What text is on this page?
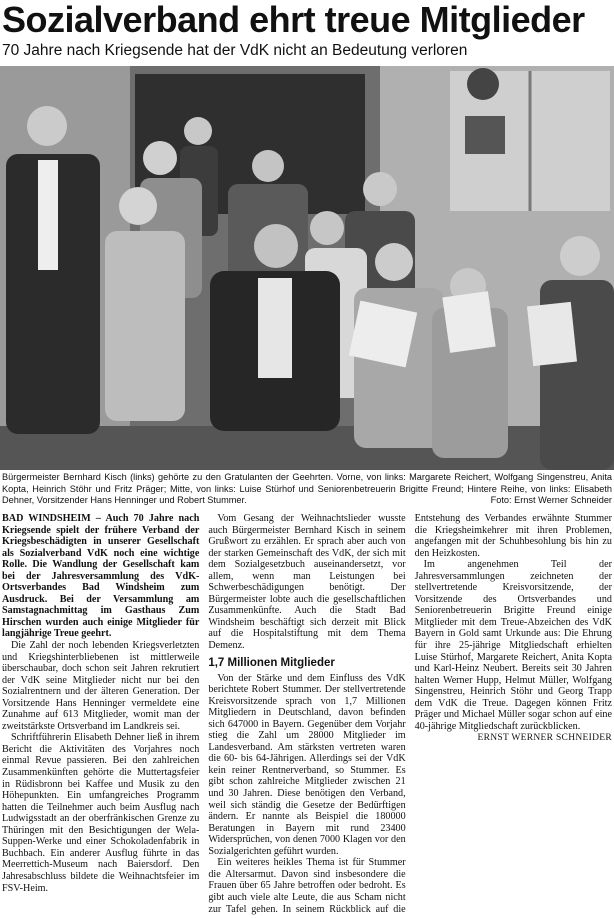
Sozialverband ehrt treue Mitglieder
70 Jahre nach Kriegsende hat der VdK nicht an Bedeutung verloren
Bürgermeister Bernhard Kisch (links) gehörte zu den Gratulanten der Geehrten. Vorne, von links: Margarete Reichert, Wolfgang Singenstreu, Anita Kopta, Heinrich Stöhr und Fritz Präger; Mitte, von links: Luise Stürhof und Seniorenbetreuerin Brigitte Freund; Hintere Reihe, von links: Elisabeth Dehner, Vorsitzender Hans Henninger und Robert Stummer.	Foto: Ernst Werner Schneider

BAD WINDSHEIM – Auch 70 Jahre nach Kriegsende spielt der frühere Verband der Kriegsbeschädigten in unserer Gesellschaft als Sozialverband VdK noch eine wichtige Rolle. Die Wandlung der Gesellschaft kam bei der Jahresversammlung des VdK-Ortsverbandes Bad Windsheim zum Ausdruck. Bei der Versammlung am Samstagnachmittag im Gasthaus Zum Hirschen wurden auch einige Mitglieder für langjährige Treue geehrt.

Die Zahl der noch lebenden Kriegsverletzten und Kriegshinterbliebenen ist mittlerweile überschaubar, doch schon seit Jahren rekrutiert der VdK seine Mitglieder nicht nur bei den Sozialrentnern und der älteren Generation. Der Vorsitzende Hans Henninger vermeldete eine Zunahme auf 613 Mitglieder, womit man der zweitstärkste Ortsverband im Landkreis sei.

Schriftführerin Elisabeth Dehner ließ in ihrem Bericht die Aktivitäten des Vorjahres noch einmal Revue passieren. Bei den zahlreichen Zusammenkünften gehörte die Muttertagsfeier in Rüdisbronn bei Kaffee und Musik zu den Höhepunkten. Ein umfangreiches Programm hatten die Teilnehmer auch beim Ausflug nach Ludwigsstadt an der oberfränkischen Grenze zu Thüringen mit den Besichtigungen der Wela-Suppen-Werke und einer Schokoladenfabrik in Buchbach. Ein anderer Ausflug führte in das Meerrettich-Museum nach Baiersdorf. Den Jahresabschluss bildete die Weihnachtsfeier im FSV-Heim.

Vom Gesang der Weihnachtslieder wusste auch Bürgermeister Bernhard Kisch in seinem Grußwort zu erzählen. Er sprach aber auch von der starken Gemeinschaft des VdK, der sich mit dem Sozialgesetzbuch auseinandersetzt, vor allem, wenn man Leistungen bei Schwerbeschädigungen benötigt. Der Bürgermeister lobte auch die gesellschaftlichen Zusammenkünfte. Auch die Stadt Bad Windsheim beschäftigt sich derzeit mit Blick auf die Hospitalstiftung mit dem Thema Demenz.

1,7 Millionen Mitglieder

Von der Stärke und dem Einfluss des VdK berichtete Robert Stummer. Der stellvertretende Kreisvorsitzende sprach von 1,7 Millionen Mitgliedern in Deutschland, davon befinden sich 647000 in Bayern. Gegenüber dem Vorjahr stieg die Zahl um 28000 Mitglieder im Landesverband. Am stärksten vertreten waren die 60- bis 64-Jährigen. Allerdings sei der VdK kein reiner Rentnerverband, so Stummer. Es gibt schon zahlreiche Mitglieder zwischen 21 und 30 Jahren. Diese benötigen den Verband, weil sich ständig die Gesetze der Bedürftigen ändern. Er nannte als Beispiel die 180000 Beratungen in Bayern mit rund 23400 Widersprüchen, von denen 7000 Klagen vor den Sozialgerichten geführt wurden.

Ein weiteres heikles Thema ist für Stummer die Altersarmut. Davon sind insbesondere die Frauen über 65 Jahre betroffen oder bedroht. Es gibt auch viele alte Leute, die aus Scham nicht zur Tafel gehen. In seinem Rückblick auf die Entstehung des Verbandes erwähnte Stummer die Kriegsheimkehrer mit ihren Problemen, angefangen mit der Schuhbesohlung bis hin zu den Heizkosten.

Im angenehmen Teil der Jahresversammlungen zeichneten der stellvertretende Kreisvorsitzende, der Vorsitzende des Ortsverbandes und Seniorenbetreuerin Brigitte Freund einige Mitglieder mit dem Treue-Abzeichen des VdK Bayern in Gold samt Urkunde aus: Die Ehrung für ihre 25-jährige Mitgliedschaft erhielten Luise Stürhof, Margarete Reichert, Anita Kopta und Karl-Heinz Neubert. Bereits seit 30 Jahren halten Werner Hupp, Helmut Müller, Wolfgang Singenstreu, Heinrich Stöhr und Georg Trapp dem VdK die Treue. Dagegen können Fritz Präger und Michael Müller sogar schon auf eine 40-jährige Mitgliedschaft zurückblicken.

ERNST WERNER SCHNEIDER
